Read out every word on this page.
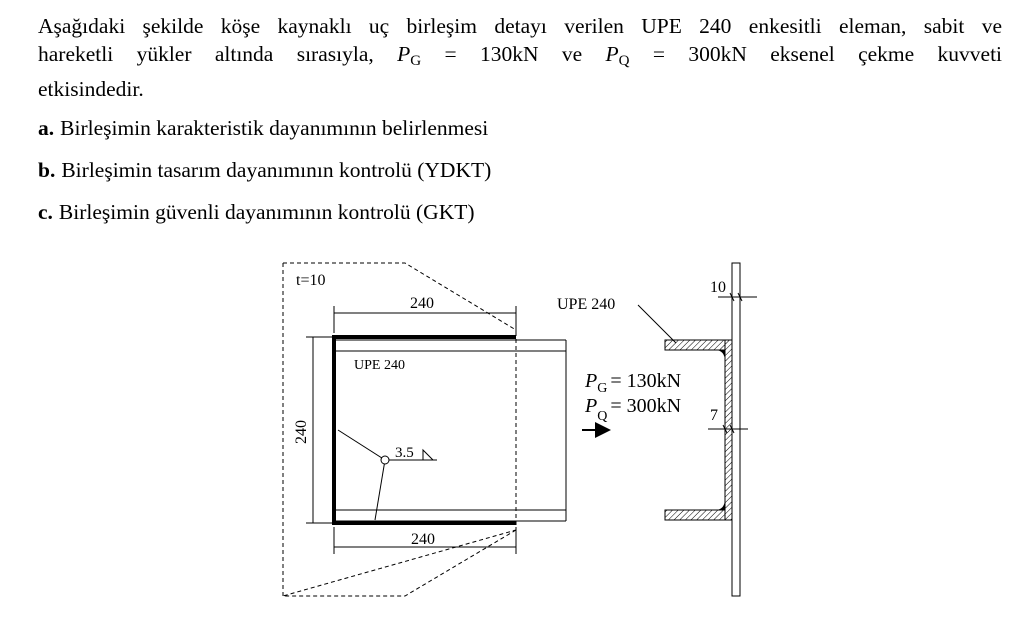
Aşağıdaki şekilde köşe kaynaklı uç birleşim detayı verilen UPE 240 enkesitli eleman, sabit ve
hareketli yükler altında sırasıyla, $P_G = 130kN$ ve $P_Q = 300kN$ eksenel çekme kuvveti
etkisindedir.
a. Birleşimin karakteristik dayanımının belirlenmesi
b. Birleşimin tasarım dayanımının kontrolü (YDKT)
c. Birleşimin güvenli dayanımının kontrolü (GKT)
t=10
240
UPE 240
240
240
3.5
UPE 240
10
7
$P_G = 130kN$
$P_Q = 300kN$
